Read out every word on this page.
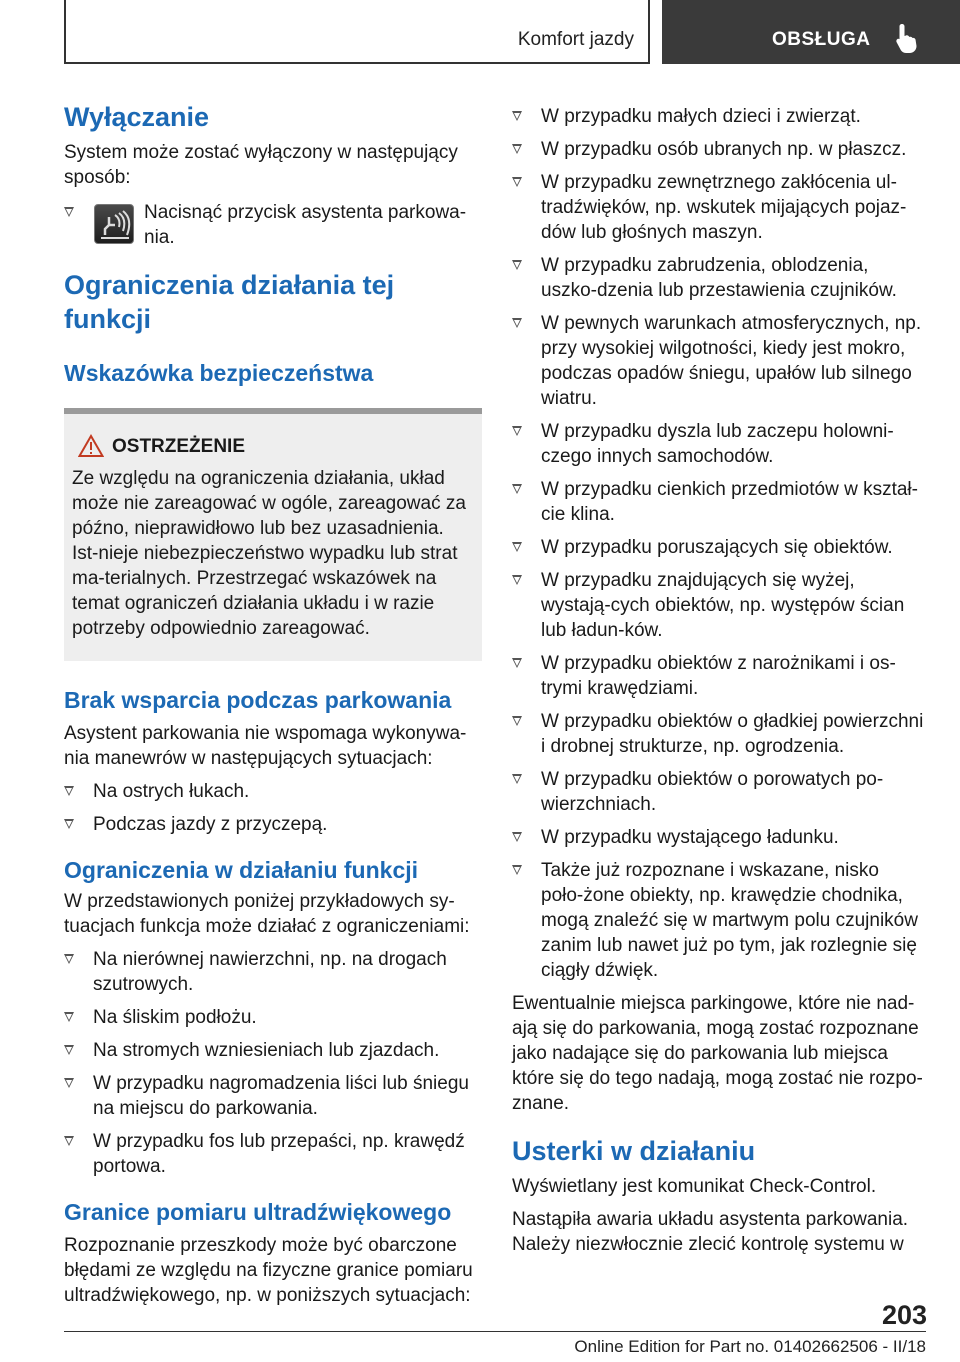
Komfort jazdy	OBSŁUGA
Wyłączanie

System może zostać wyłączony w następujący sposób:

Nacisnąć przycisk asystenta parkowa‐nia.

Ograniczenia działania tej funkcji
Wskazówka bezpieczeństwa
OSTRZEŻENIE

Ze względu na ograniczenia działania, układ może nie zareagować w ogóle, zareagować za późno, nieprawidłowo lub bez uzasadnienia. Ist‐nieje niebezpieczeństwo wypadku lub strat ma‐terialnych. Przestrzegać wskazówek na temat ograniczeń działania układu i w razie potrzeby odpowiednio zareagować.

Brak wsparcia podczas parkowania

Asystent parkowania nie wspomaga wykonywa‐nia manewrów w następujących sytuacjach:

Na ostrych łukach.
Podczas jazdy z przyczepą.
Ograniczenia w działaniu funkcji

W przedstawionych poniżej przykładowych sy‐tuacjach funkcja może działać z ograniczeniami:

Na nierównej nawierzchni, np. na drogach szutrowych.
Na śliskim podłożu.
Na stromych wzniesieniach lub zjazdach.
W przypadku nagromadzenia liści lub śniegu na miejscu do parkowania.
W przypadku fos lub przepaści, np. krawędź portowa.
Granice pomiaru ultradźwiękowego

Rozpoznanie przeszkody może być obarczone błędami ze względu na fizyczne granice pomiaru ultradźwiękowego, np. w poniższych sytuacjach:

W przypadku małych dzieci i zwierząt.
W przypadku osób ubranych np. w płaszcz.
W przypadku zewnętrznego zakłócenia ul‐tradźwięków, np. wskutek mijających pojaz‐dów lub głośnych maszyn.
W przypadku zabrudzenia, oblodzenia, uszko‐dzenia lub przestawienia czujników.
W pewnych warunkach atmosferycznych, np. przy wysokiej wilgotności, kiedy jest mokro, podczas opadów śniegu, upałów lub silnego wiatru.
W przypadku dyszla lub zaczepu holowni‐czego innych samochodów.
W przypadku cienkich przedmiotów w kształ‐cie klina.
W przypadku poruszających się obiektów.
W przypadku znajdujących się wyżej, wystają‐cych obiektów, np. występów ścian lub ładun‐ków.
W przypadku obiektów z narożnikami i os‐trymi krawędziami.
W przypadku obiektów o gładkiej powierzchni i drobnej strukturze, np. ogrodzenia.
W przypadku obiektów o porowatych po‐wierzchniach.
W przypadku wystającego ładunku.
Także już rozpoznane i wskazane, nisko poło‐żone obiekty, np. krawędzie chodnika, mogą znaleźć się w martwym polu czujników zanim lub nawet już po tym, jak rozlegnie się ciągły dźwięk.

Ewentualnie miejsca parkingowe, które nie nad‐ają się do parkowania, mogą zostać rozpoznane jako nadające się do parkowania lub miejsca które się do tego nadają, mogą zostać nie rozpo‐znane.

Usterki w działaniu

Wyświetlany jest komunikat Check-Control.

Nastąpiła awaria układu asystenta parkowania. Należy niezwłocznie zlecić kontrolę systemu w

203
Online Edition for Part no. 01402662506 - II/18
